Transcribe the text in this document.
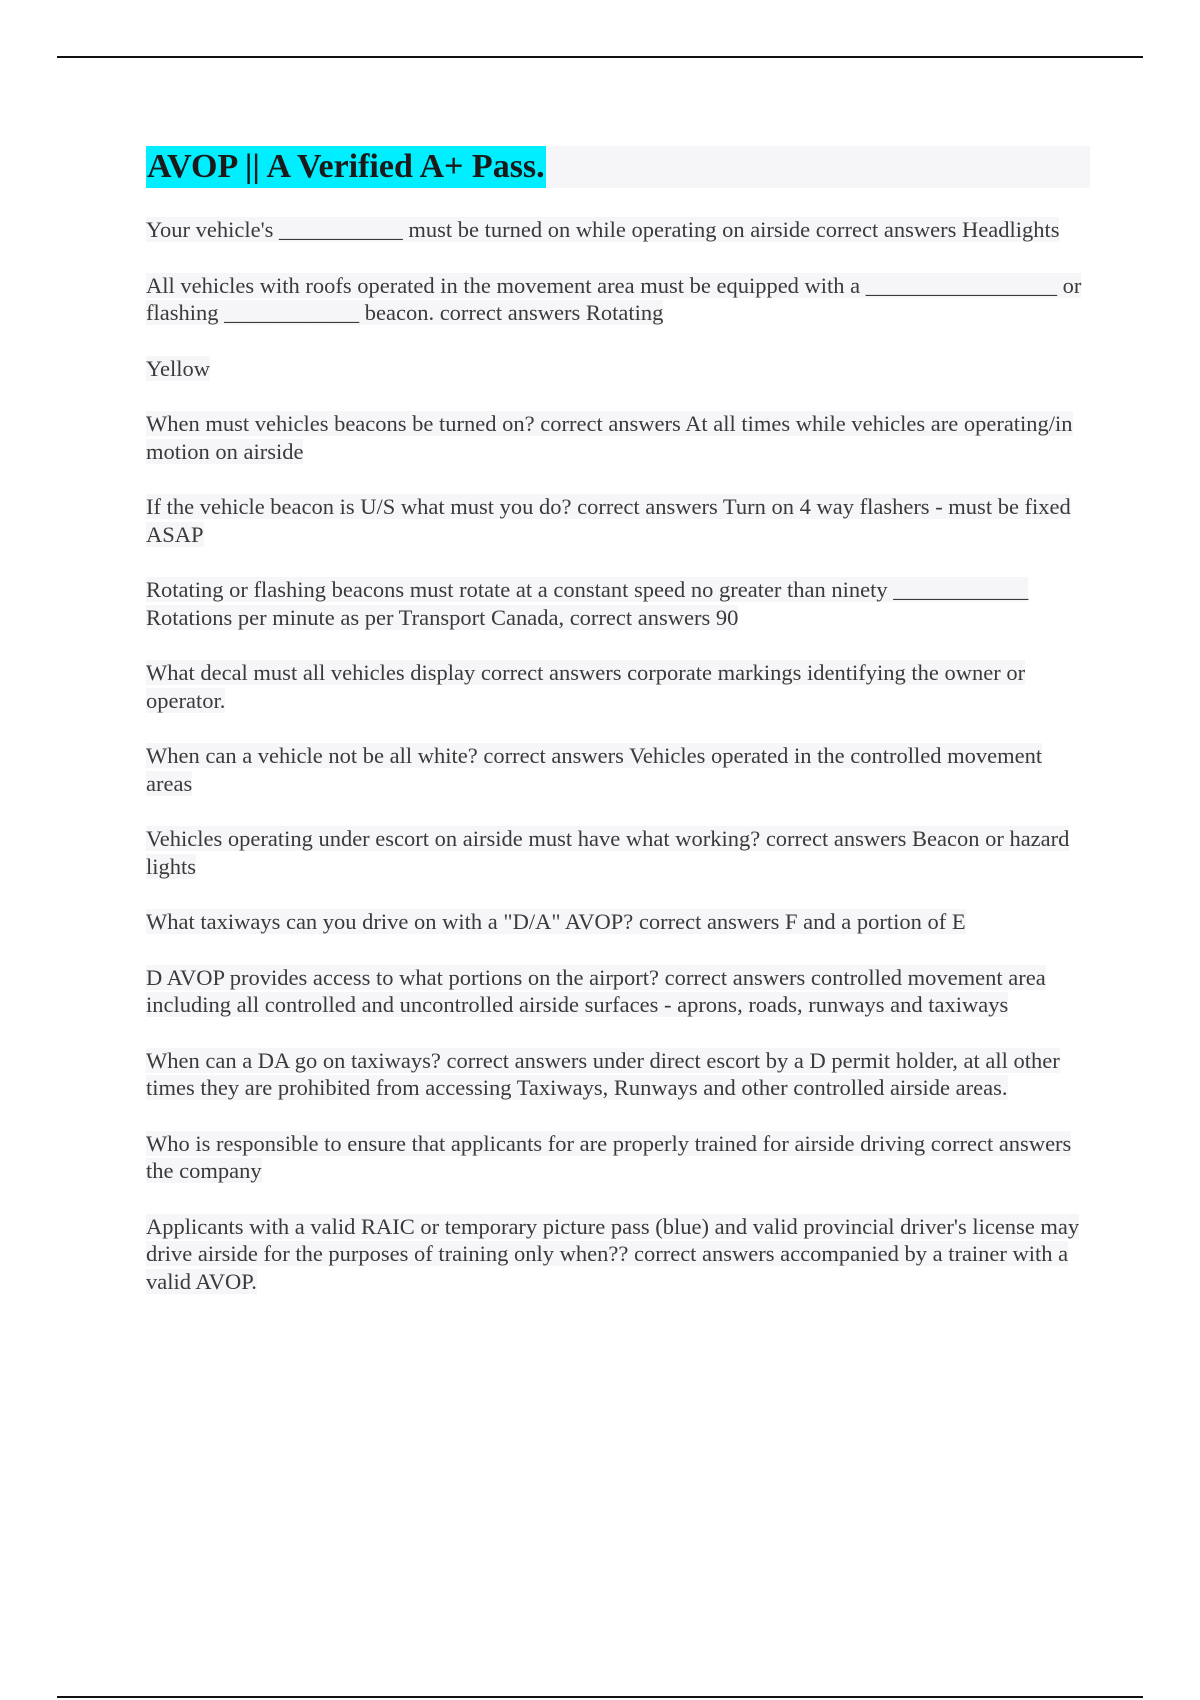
AVOP || A Verified A+ Pass.

Your vehicle's ___________ must be turned on while operating on airside correct answers Headlights

All vehicles with roofs operated in the movement area must be equipped with a _________________ or flashing ____________ beacon. correct answers Rotating

Yellow

When must vehicles beacons be turned on? correct answers At all times while vehicles are operating/in motion on airside

If the vehicle beacon is U/S what must you do? correct answers Turn on 4 way flashers - must be fixed ASAP

Rotating or flashing beacons must rotate at a constant speed no greater than ninety ____________ Rotations per minute as per Transport Canada, correct answers 90

What decal must all vehicles display correct answers corporate markings identifying the owner or operator.

When can a vehicle not be all white? correct answers Vehicles operated in the controlled movement areas

Vehicles operating under escort on airside must have what working? correct answers Beacon or hazard lights

What taxiways can you drive on with a "D/A" AVOP? correct answers F and a portion of E

D AVOP provides access to what portions on the airport? correct answers controlled movement area including all controlled and uncontrolled airside surfaces - aprons, roads, runways and taxiways

When can a DA go on taxiways? correct answers under direct escort by a D permit holder, at all other times they are prohibited from accessing Taxiways, Runways and other controlled airside areas.

Who is responsible to ensure that applicants for are properly trained for airside driving correct answers the company

Applicants with a valid RAIC or temporary picture pass (blue) and valid provincial driver's license may drive airside for the purposes of training only when?? correct answers accompanied by a trainer with a valid AVOP.
